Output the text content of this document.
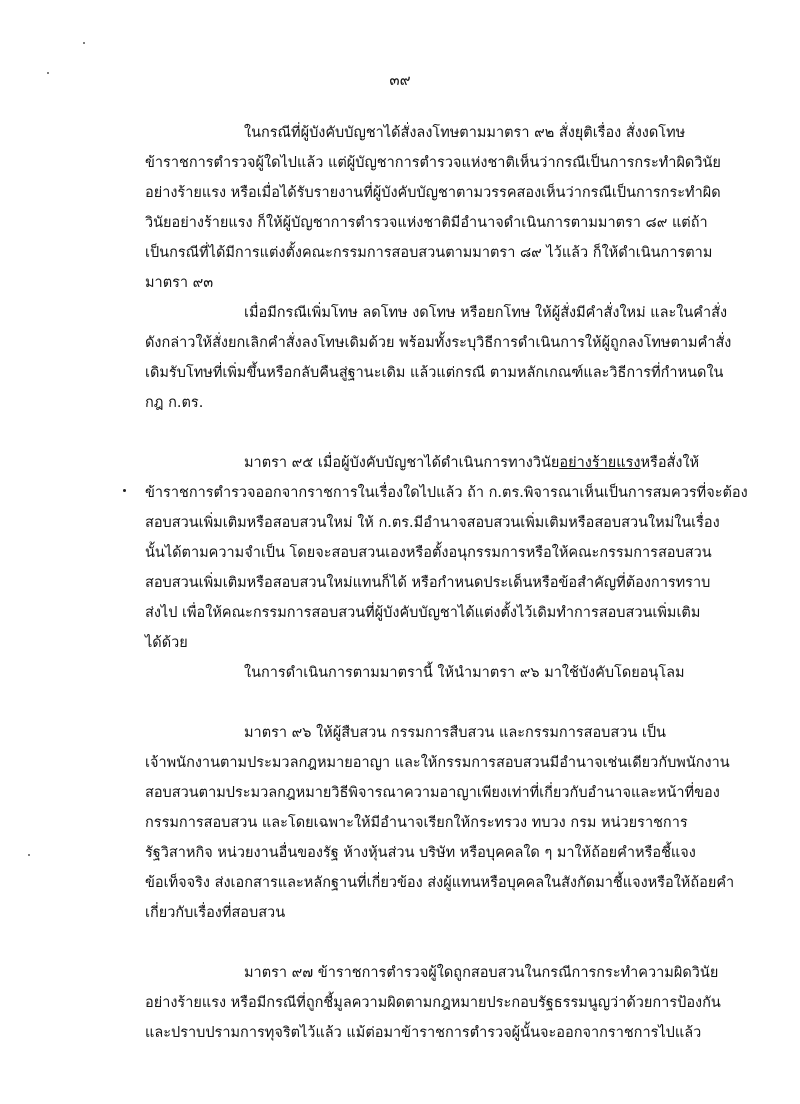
๓๙
ในกรณีที่ผู้บังคับบัญชาได้สั่งลงโทษตามมาตรา ๙๒ สั่งยุติเรื่อง สั่งงดโทษ
ข้าราชการตำรวจผู้ใดไปแล้ว แต่ผู้บัญชาการตำรวจแห่งชาติเห็นว่ากรณีเป็นการกระทำผิดวินัย
อย่างร้ายแรง หรือเมื่อได้รับรายงานที่ผู้บังคับบัญชาตามวรรคสองเห็นว่ากรณีเป็นการกระทำผิด
วินัยอย่างร้ายแรง ก็ให้ผู้บัญชาการตำรวจแห่งชาติมีอำนาจดำเนินการตามมาตรา ๘๙ แต่ถ้า
เป็นกรณีที่ได้มีการแต่งตั้งคณะกรรมการสอบสวนตามมาตรา ๘๙ ไว้แล้ว ก็ให้ดำเนินการตาม
มาตรา ๙๓
เมื่อมีกรณีเพิ่มโทษ ลดโทษ งดโทษ หรือยกโทษ ให้ผู้สั่งมีคำสั่งใหม่ และในคำสั่ง
ดังกล่าวให้สั่งยกเลิกคำสั่งลงโทษเดิมด้วย พร้อมทั้งระบุวิธีการดำเนินการให้ผู้ถูกลงโทษตามคำสั่ง
เดิมรับโทษที่เพิ่มขึ้นหรือกลับคืนสู่ฐานะเดิม แล้วแต่กรณี ตามหลักเกณฑ์และวิธีการที่กำหนดใน
กฎ ก.ตร.
มาตรา ๙๕ เมื่อผู้บังคับบัญชาได้ดำเนินการทางวินัยอย่างร้ายแรงหรือสั่งให้
ข้าราชการตำรวจออกจากราชการในเรื่องใดไปแล้ว ถ้า ก.ตร.พิจารณาเห็นเป็นการสมควรที่จะต้อง
สอบสวนเพิ่มเติมหรือสอบสวนใหม่ ให้ ก.ตร.มีอำนาจสอบสวนเพิ่มเติมหรือสอบสวนใหม่ในเรื่อง
นั้นได้ตามความจำเป็น โดยจะสอบสวนเองหรือตั้งอนุกรรมการหรือให้คณะกรรมการสอบสวน
สอบสวนเพิ่มเติมหรือสอบสวนใหม่แทนก็ได้ หรือกำหนดประเด็นหรือข้อสำคัญที่ต้องการทราบ
ส่งไป เพื่อให้คณะกรรมการสอบสวนที่ผู้บังคับบัญชาได้แต่งตั้งไว้เดิมทำการสอบสวนเพิ่มเติม
ได้ด้วย
ในการดำเนินการตามมาตรานี้ ให้นำมาตรา ๙๖ มาใช้บังคับโดยอนุโลม
มาตรา ๙๖ ให้ผู้สืบสวน กรรมการสืบสวน และกรรมการสอบสวน เป็น
เจ้าพนักงานตามประมวลกฎหมายอาญา และให้กรรมการสอบสวนมีอำนาจเช่นเดียวกับพนักงาน
สอบสวนตามประมวลกฎหมายวิธีพิจารณาความอาญาเพียงเท่าที่เกี่ยวกับอำนาจและหน้าที่ของ
กรรมการสอบสวน และโดยเฉพาะให้มีอำนาจเรียกให้กระทรวง ทบวง กรม หน่วยราชการ
รัฐวิสาหกิจ หน่วยงานอื่นของรัฐ ห้างหุ้นส่วน บริษัท หรือบุคคลใด ๆ มาให้ถ้อยคำหรือชี้แจง
ข้อเท็จจริง ส่งเอกสารและหลักฐานที่เกี่ยวข้อง ส่งผู้แทนหรือบุคคลในสังกัดมาชี้แจงหรือให้ถ้อยคำ
เกี่ยวกับเรื่องที่สอบสวน
มาตรา ๙๗ ข้าราชการตำรวจผู้ใดถูกสอบสวนในกรณีการกระทำความผิดวินัย
อย่างร้ายแรง หรือมีกรณีที่ถูกชี้มูลความผิดตามกฎหมายประกอบรัฐธรรมนูญว่าด้วยการป้องกัน
และปราบปรามการทุจริตไว้แล้ว แม้ต่อมาข้าราชการตำรวจผู้นั้นจะออกจากราชการไปแล้ว
